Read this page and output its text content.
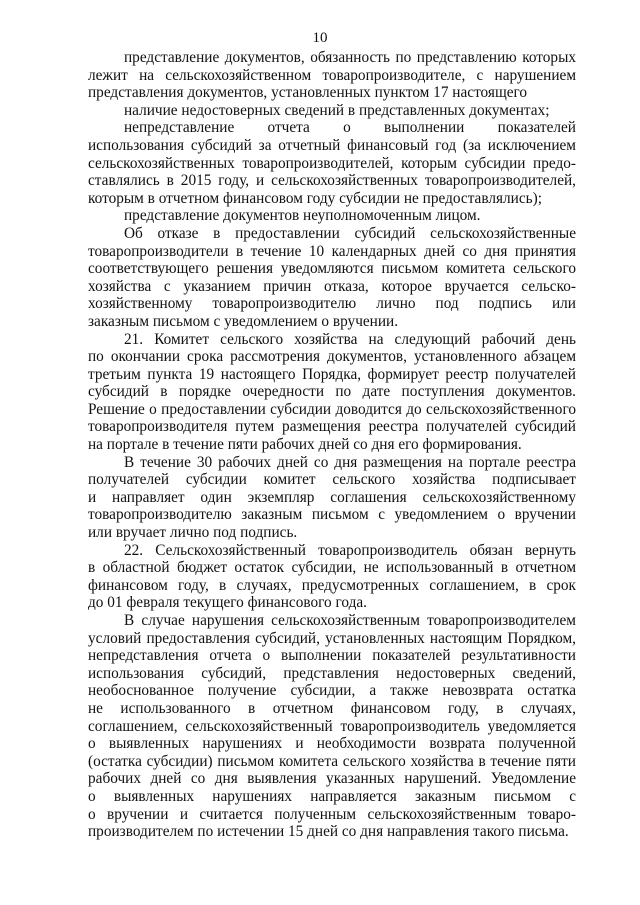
10
представление документов, обязанность по представлению которых
лежит на сельскохозяйственном товаропроизводителе, с нарушением
представления документов, установленных пунктом 17 настоящего
наличие недостоверных сведений в представленных документах;
непредставление отчета о выполнении показателей
использования субсидий за отчетный финансовый год (за исключением
сельскохозяйственных товаропроизводителей, которым субсидии предо-
ставлялись в 2015 году, и сельскохозяйственных товаропроизводителей,
которым в отчетном финансовом году субсидии не предоставлялись);
представление документов неуполномоченным лицом.
Об отказе в предоставлении субсидий сельскохозяйственные
товаропроизводители в течение 10 календарных дней со дня принятия
соответствующего решения уведомляются письмом комитета сельского
хозяйства с указанием причин отказа, которое вручается сельско-
хозяйственному товаропроизводителю лично под подпись или
заказным письмом с уведомлением о вручении.
21. Комитет сельского хозяйства на следующий рабочий день
по окончании срока рассмотрения документов, установленного абзацем
третьим пункта 19 настоящего Порядка, формирует реестр получателей
субсидий в порядке очередности по дате поступления документов.
Решение о предоставлении субсидии доводится до сельскохозяйственного
товаропроизводителя путем размещения реестра получателей субсидий
на портале в течение пяти рабочих дней со дня его формирования.
В течение 30 рабочих дней со дня размещения на портале реестра
получателей субсидии комитет сельского хозяйства подписывает
и направляет один экземпляр соглашения сельскохозяйственному
товаропроизводителю заказным письмом с уведомлением о вручении
или вручает лично под подпись.
22. Сельскохозяйственный товаропроизводитель обязан вернуть
в областной бюджет остаток субсидии, не использованный в отчетном
финансовом году, в случаях, предусмотренных соглашением, в срок
до 01 февраля текущего финансового года.
В случае нарушения сельскохозяйственным товаропроизводителем
условий предоставления субсидий, установленных настоящим Порядком,
непредставления отчета о выполнении показателей результативности
использования субсидий, представления недостоверных сведений,
необоснованное получение субсидии, а также невозврата остатка
не использованного в отчетном финансовом году, в случаях,
соглашением, сельскохозяйственный товаропроизводитель уведомляется
о выявленных нарушениях и необходимости возврата полученной
(остатка субсидии) письмом комитета сельского хозяйства в течение пяти
рабочих дней со дня выявления указанных нарушений. Уведомление
о выявленных нарушениях направляется заказным письмом с
о вручении и считается полученным сельскохозяйственным товаро-
производителем по истечении 15 дней со дня направления такого письма.
